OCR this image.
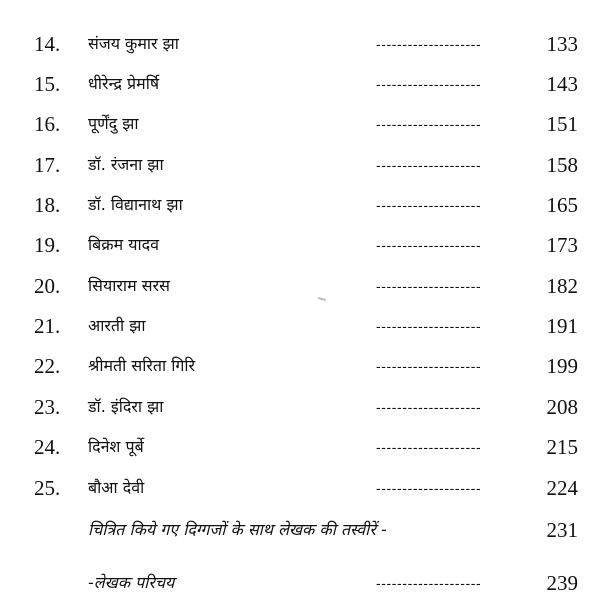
14. संजय कुमार झा	--------------------	133
15. धीरेन्द्र प्रेमर्षि	--------------------	143
16. पूर्णेंदु झा	--------------------	151
17. डॉ. रंजना झा	--------------------	158
18. डॉ. विद्यानाथ झा	--------------------	165
19. बिक्रम यादव	--------------------	173
20. सियाराम सरस	--------------------	182
21. आरती झा	--------------------	191
22. श्रीमती सरिता गिरि	--------------------	199
23. डॉ. इंदिरा झा	--------------------	208
24. दिनेश पूर्बे	--------------------	215
25. बौआ देवी	--------------------	224
चित्रित किये गए दिग्गजों के साथ लेखक की तस्वीरें -	231
-लेखक परिचय	--------------------	239
